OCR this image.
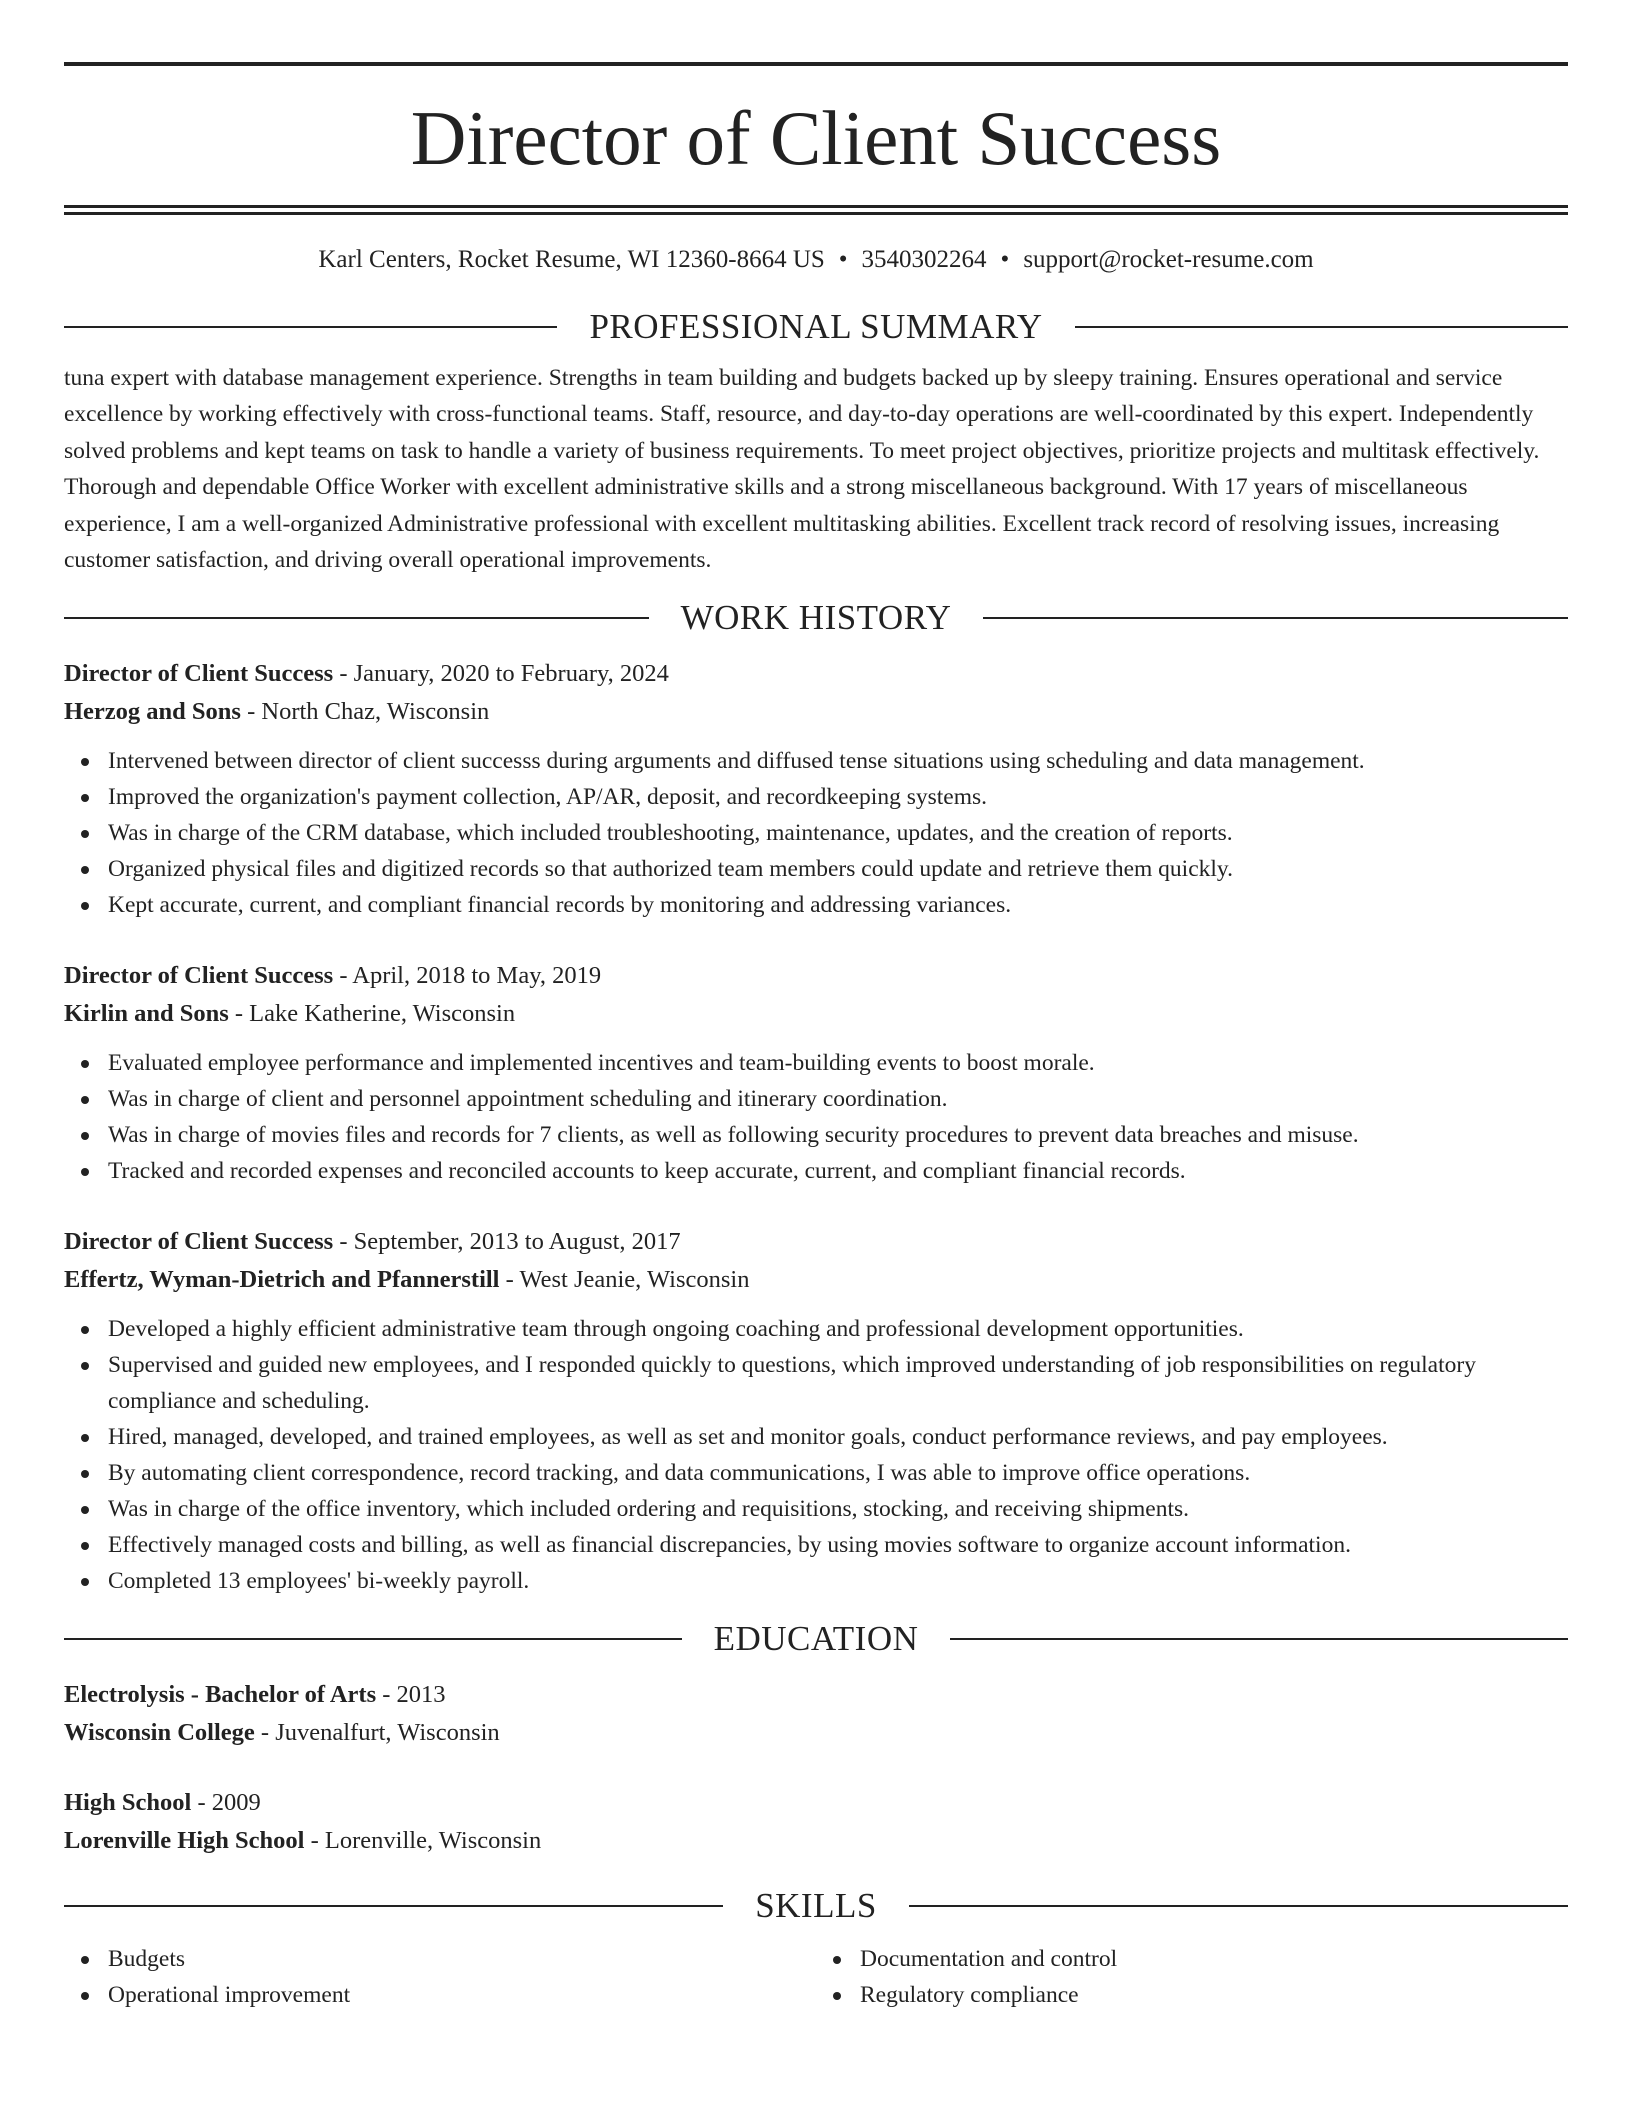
Director of Client Success
Karl Centers, Rocket Resume, WI 12360-8664 US • 3540302264 • support@rocket-resume.com
PROFESSIONAL SUMMARY

tuna expert with database management experience. Strengths in team building and budgets backed up by sleepy training. Ensures operational and service excellence by working effectively with cross-functional teams. Staff, resource, and day-to-day operations are well-coordinated by this expert. Independently solved problems and kept teams on task to handle a variety of business requirements. To meet project objectives, prioritize projects and multitask effectively. Thorough and dependable Office Worker with excellent administrative skills and a strong miscellaneous background. With 17 years of miscellaneous experience, I am a well-organized Administrative professional with excellent multitasking abilities. Excellent track record of resolving issues, increasing customer satisfaction, and driving overall operational improvements.

WORK HISTORY
Director of Client Success - January, 2020 to February, 2024
Herzog and Sons - North Chaz, Wisconsin
Intervened between director of client successs during arguments and diffused tense situations using scheduling and data management.
Improved the organization's payment collection, AP/AR, deposit, and recordkeeping systems.
Was in charge of the CRM database, which included troubleshooting, maintenance, updates, and the creation of reports.
Organized physical files and digitized records so that authorized team members could update and retrieve them quickly.
Kept accurate, current, and compliant financial records by monitoring and addressing variances.
Director of Client Success - April, 2018 to May, 2019
Kirlin and Sons - Lake Katherine, Wisconsin
Evaluated employee performance and implemented incentives and team-building events to boost morale.
Was in charge of client and personnel appointment scheduling and itinerary coordination.
Was in charge of movies files and records for 7 clients, as well as following security procedures to prevent data breaches and misuse.
Tracked and recorded expenses and reconciled accounts to keep accurate, current, and compliant financial records.
Director of Client Success - September, 2013 to August, 2017
Effertz, Wyman-Dietrich and Pfannerstill - West Jeanie, Wisconsin
Developed a highly efficient administrative team through ongoing coaching and professional development opportunities.
Supervised and guided new employees, and I responded quickly to questions, which improved understanding of job responsibilities on regulatory compliance and scheduling.
Hired, managed, developed, and trained employees, as well as set and monitor goals, conduct performance reviews, and pay employees.
By automating client correspondence, record tracking, and data communications, I was able to improve office operations.
Was in charge of the office inventory, which included ordering and requisitions, stocking, and receiving shipments.
Effectively managed costs and billing, as well as financial discrepancies, by using movies software to organize account information.
Completed 13 employees' bi-weekly payroll.
EDUCATION
Electrolysis - Bachelor of Arts - 2013
Wisconsin College - Juvenalfurt, Wisconsin
High School - 2009
Lorenville High School - Lorenville, Wisconsin
SKILLS
Budgets
Operational improvement
Documentation and control
Regulatory compliance
